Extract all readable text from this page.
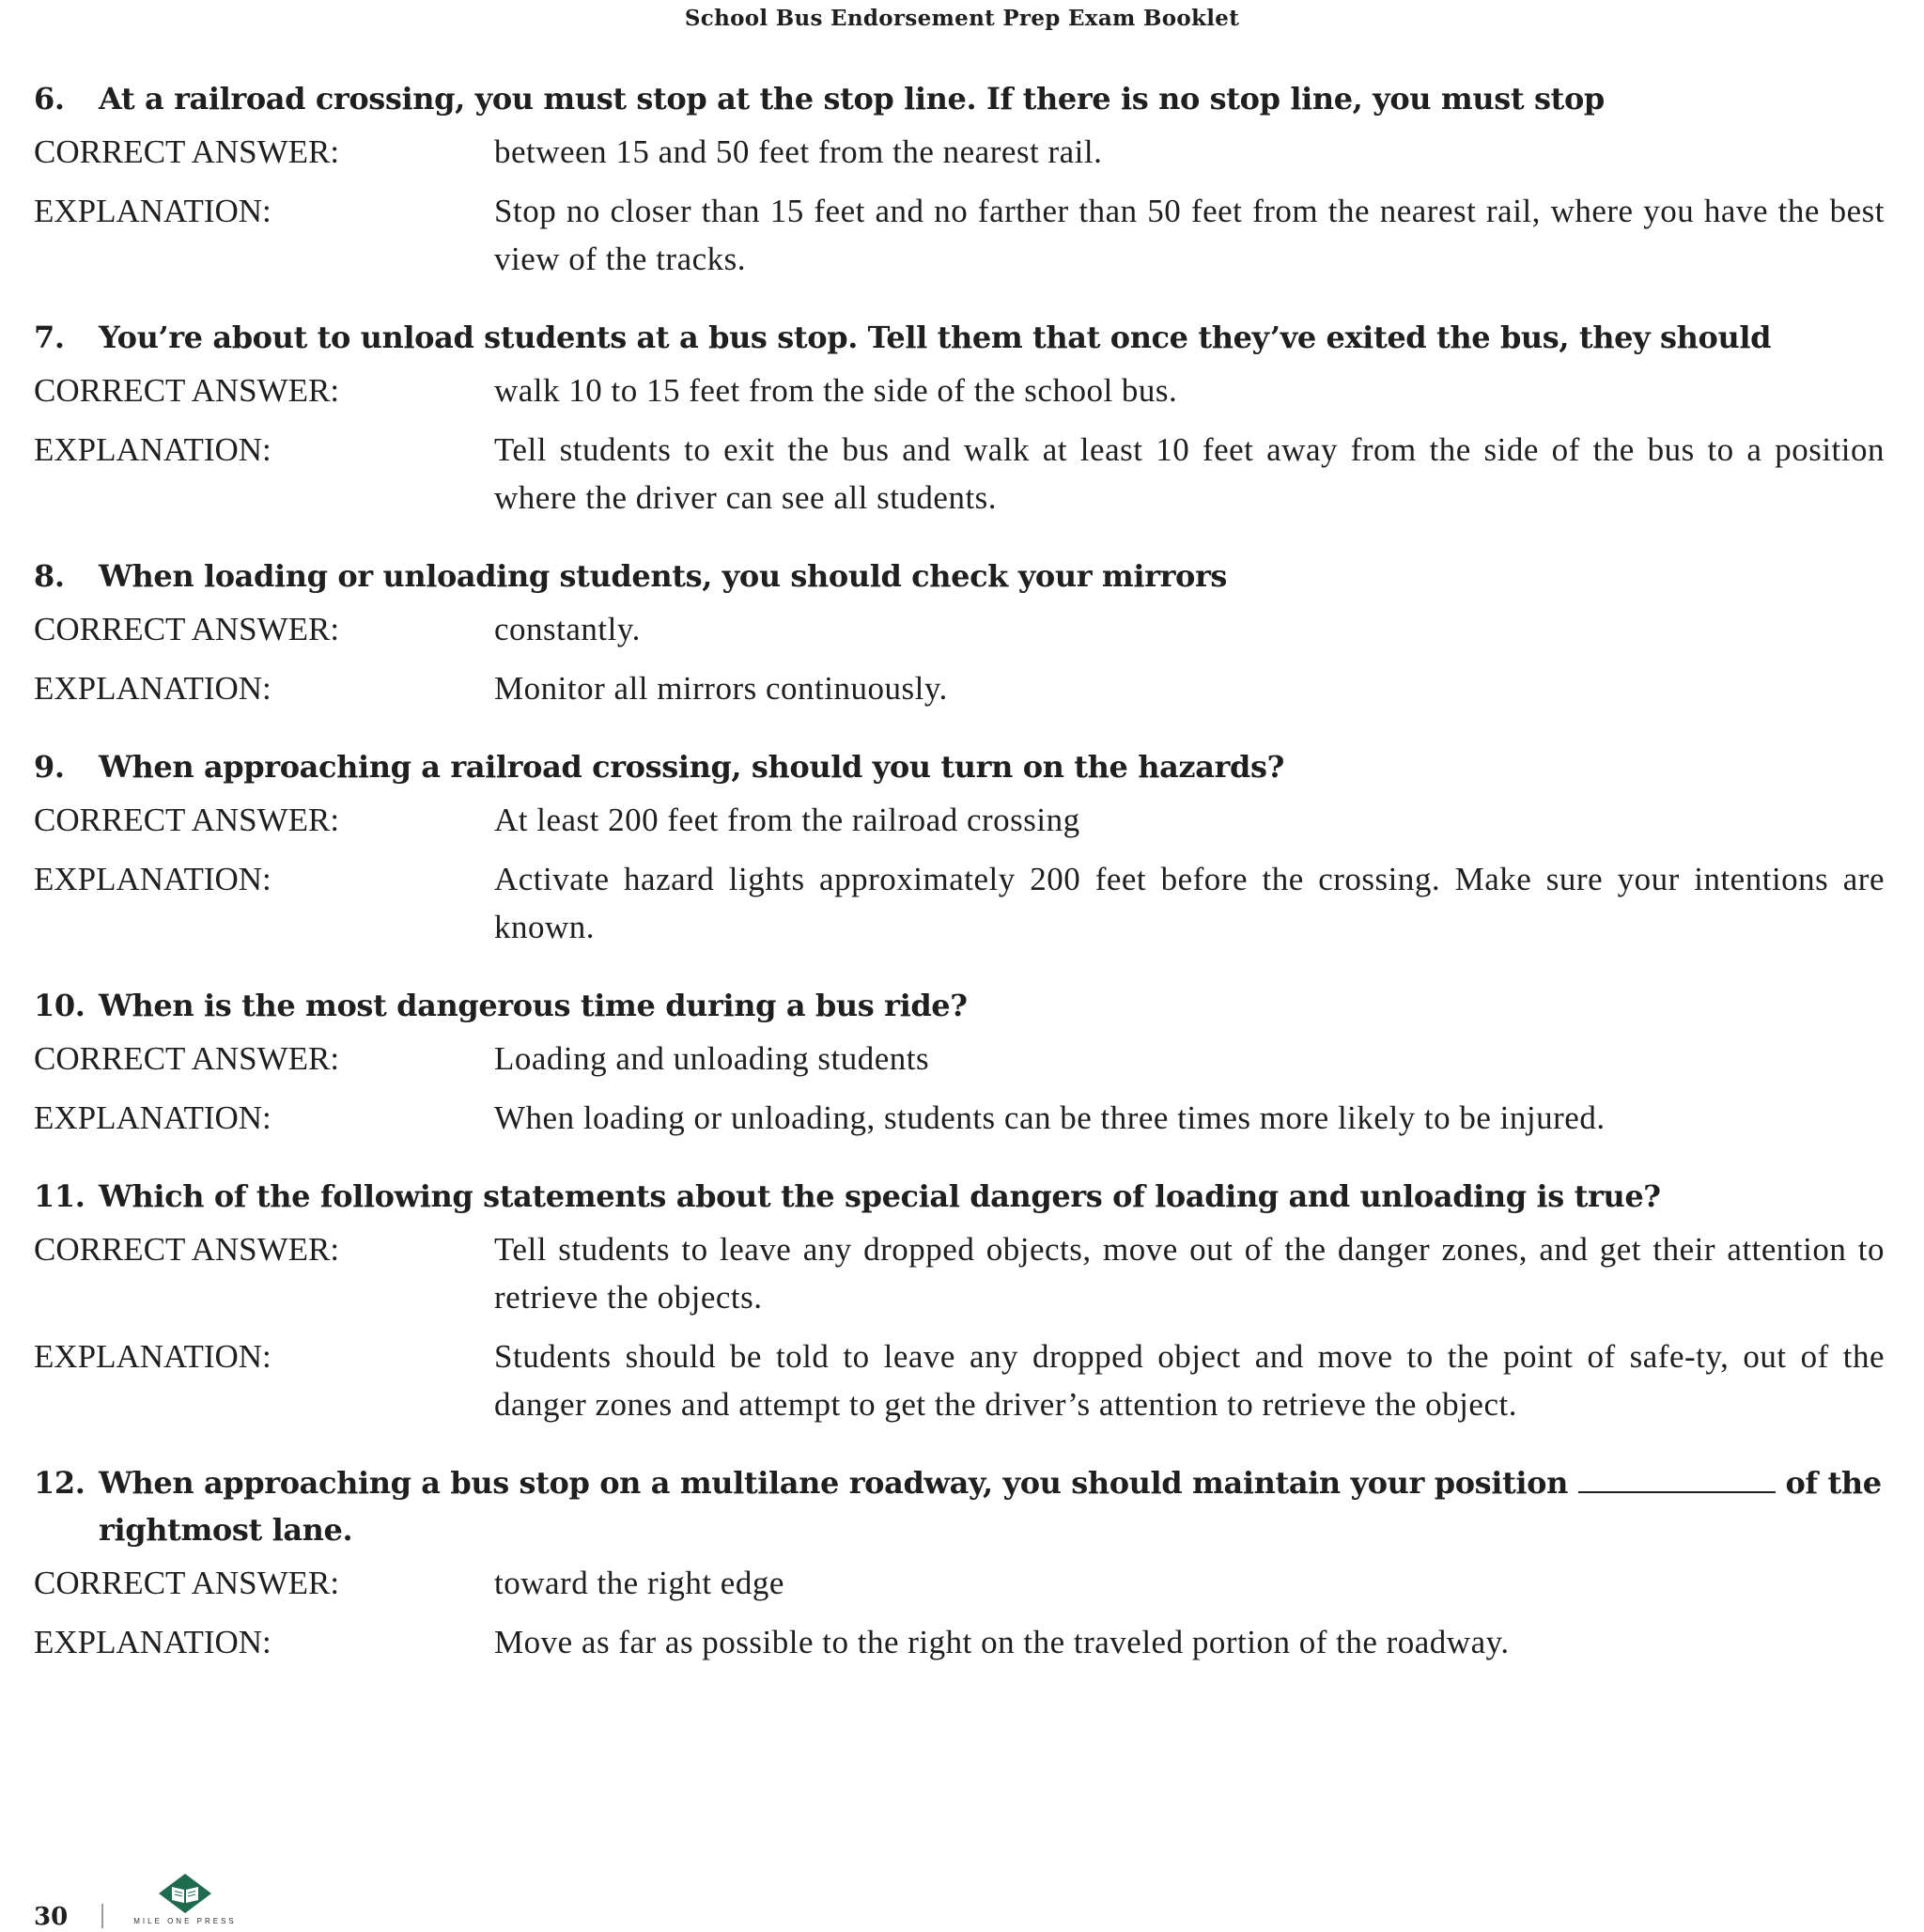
School Bus Endorsement Prep Exam Booklet
6.	At a railroad crossing, you must stop at the stop line. If there is no stop line, you must stop
CORRECT ANSWER:	between 15 and 50 feet from the nearest rail.
EXPLANATION:	Stop no closer than 15 feet and no farther than 50 feet from the nearest rail, where you have the best view of the tracks.
7.	You’re about to unload students at a bus stop. Tell them that once they’ve exited the bus, they should
CORRECT ANSWER:	walk 10 to 15 feet from the side of the school bus.
EXPLANATION:	Tell students to exit the bus and walk at least 10 feet away from the side of the bus to a position where the driver can see all students.
8.	When loading or unloading students, you should check your mirrors
CORRECT ANSWER:	constantly.
EXPLANATION:	Monitor all mirrors continuously.
9.	When approaching a railroad crossing, should you turn on the hazards?
CORRECT ANSWER:	At least 200 feet from the railroad crossing
EXPLANATION:	Activate hazard lights approximately 200 feet before the crossing. Make sure your intentions are known.
10. When is the most dangerous time during a bus ride?
CORRECT ANSWER:	Loading and unloading students
EXPLANATION:	When loading or unloading, students can be three times more likely to be injured.
11. Which of the following statements about the special dangers of loading and unloading is true?
CORRECT ANSWER:	Tell students to leave any dropped objects, move out of the danger zones, and get their attention to retrieve the objects.
EXPLANATION:	Students should be told to leave any dropped object and move to the point of safe-ty, out of the danger zones and attempt to get the driver’s attention to retrieve the object.
12. When approaching a bus stop on a multilane roadway, you should maintain your position	of the rightmost lane.
CORRECT ANSWER:	toward the right edge
EXPLANATION:	Move as far as possible to the right on the traveled portion of the roadway.
30	MILE ONE PRESS
